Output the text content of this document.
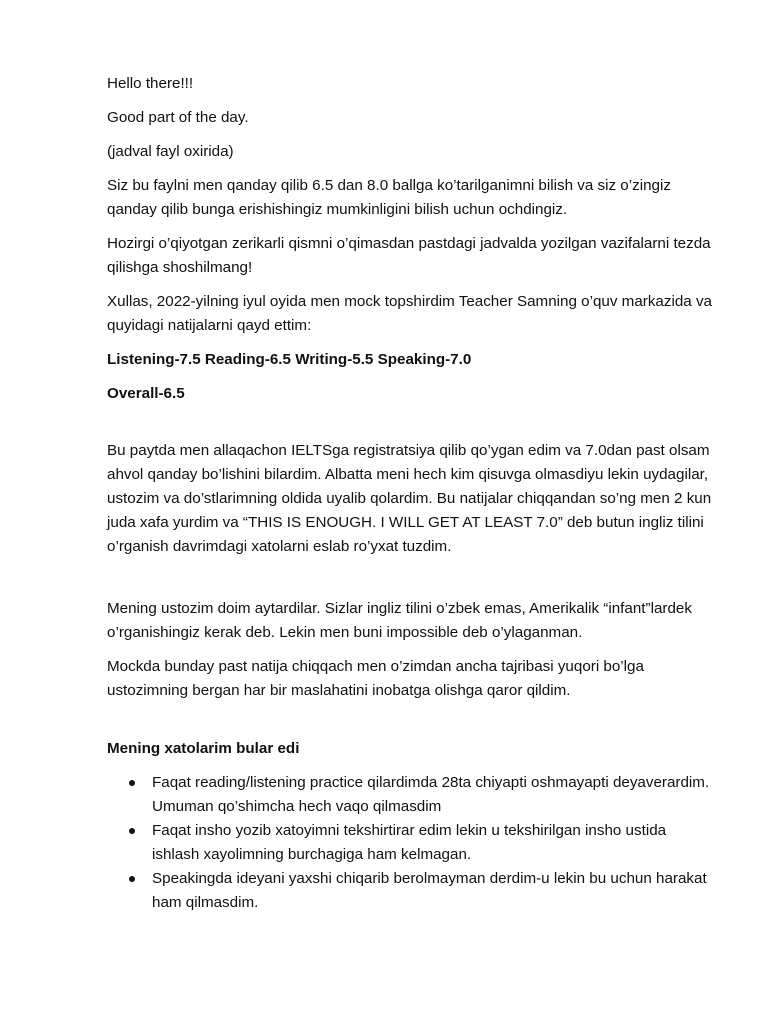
Hello there!!!

Good part of the day.

(jadval fayl oxirida)

Siz bu faylni men qanday qilib 6.5 dan 8.0 ballga ko’tarilganimni bilish va siz o’zingiz qanday qilib bunga erishishingiz mumkinligini bilish uchun ochdingiz.

Hozirgi o’qiyotgan zerikarli qismni o’qimasdan pastdagi jadvalda yozilgan vazifalarni tezda qilishga shoshilmang!

Xullas, 2022-yilning iyul oyida men mock topshirdim Teacher Samning o’quv markazida va quyidagi natijalarni qayd ettim:

Listening-7.5 Reading-6.5 Writing-5.5 Speaking-7.0

Overall-6.5

Bu paytda men allaqachon IELTSga registratsiya qilib qo’ygan edim va 7.0dan past olsam ahvol qanday bo’lishini bilardim. Albatta meni hech kim qisuvga olmasdiyu lekin uydagilar, ustozim va do’stlarimning oldida uyalib qolardim. Bu natijalar chiqqandan so’ng men 2 kun juda xafa yurdim va “THIS IS ENOUGH. I WILL GET AT LEAST 7.0” deb butun ingliz tilini o’rganish davrimdagi xatolarni eslab ro’yxat tuzdim.

Mening ustozim doim aytardilar. Sizlar ingliz tilini o’zbek emas, Amerikalik “infant”lardek o’rganishingiz kerak deb. Lekin men buni impossible deb o’ylaganman.

Mockda bunday past natija chiqqach men o’zimdan ancha tajribasi yuqori bo’lga ustozimning bergan har bir maslahatini inobatga olishga qaror qildim.

Mening xatolarim bular edi

Faqat reading/listening practice qilardimda 28ta chiyapti oshmayapti deyaverardim. Umuman qo’shimcha hech vaqo qilmasdim
Faqat insho yozib xatoyimni tekshirtirar edim lekin u tekshirilgan insho ustida ishlash xayolimning burchagiga ham kelmagan.
Speakingda ideyani yaxshi chiqarib berolmayman derdim-u lekin bu uchun harakat ham qilmasdim.
